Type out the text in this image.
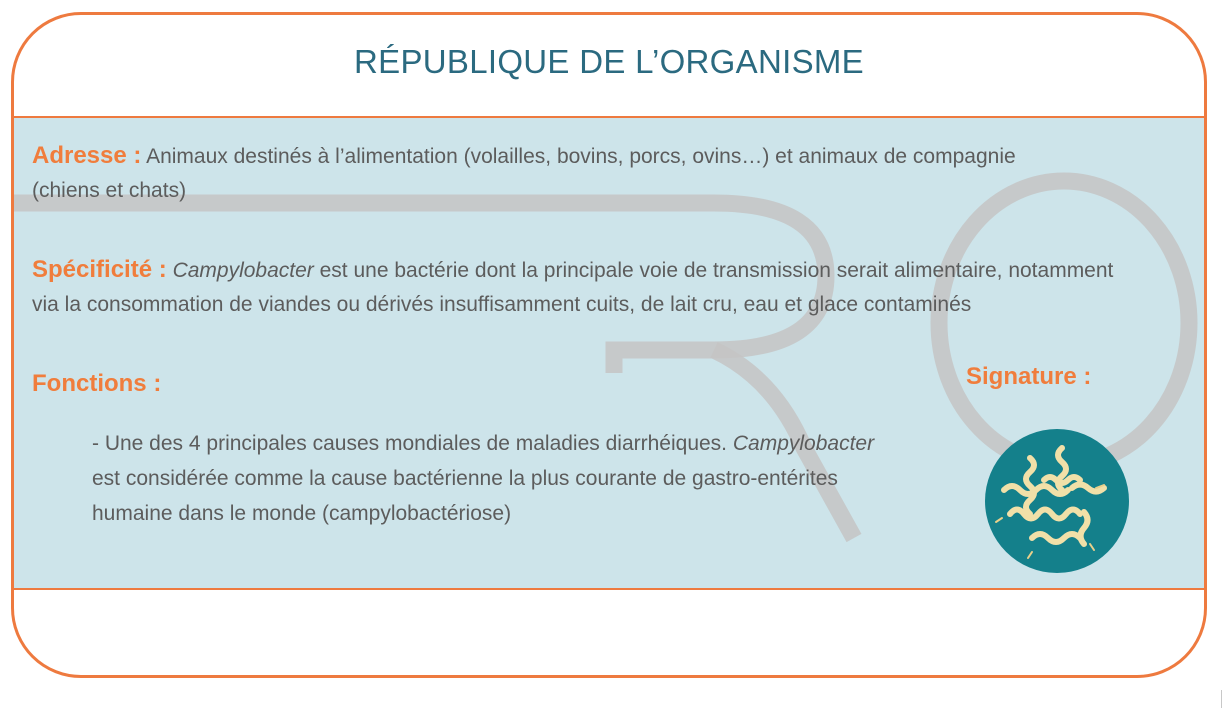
RÉPUBLIQUE DE L’ORGANISME
Adresse : Animaux destinés à l’alimentation (volailles, bovins, porcs, ovins…) et animaux de compagnie
(chiens et chats)
Spécificité : Campylobacter est une bactérie dont la principale voie de transmission serait alimentaire, notamment
via la consommation de viandes ou dérivés insuffisamment cuits, de lait cru, eau et glace contaminés
Fonctions :
- Une des 4 principales causes mondiales de maladies diarrhéiques. Campylobacter
est considérée comme la cause bactérienne la plus courante de gastro-entérites
humaine dans le monde (campylobactériose)
Signature :
